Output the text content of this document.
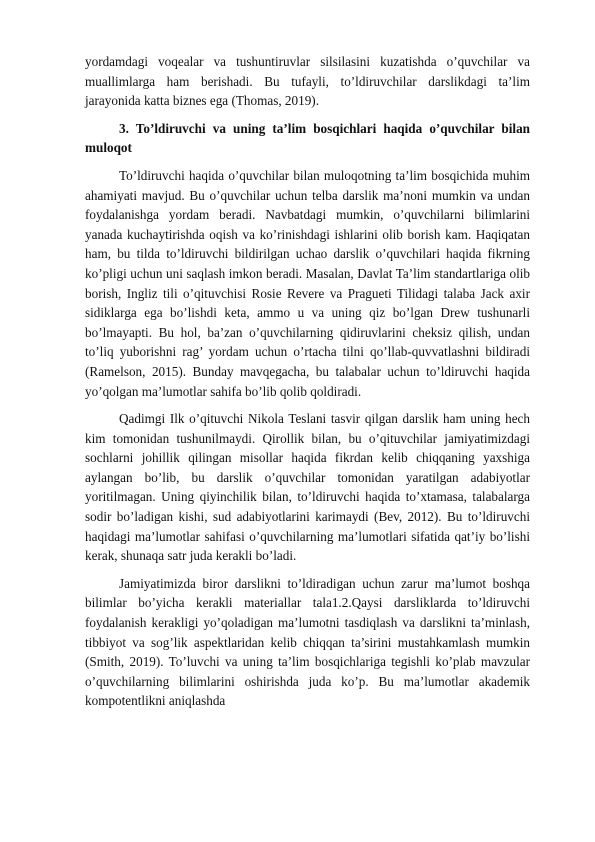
yordamdagi voqealar va tushuntiruvlar silsilasini kuzatishda o’quvchilar va muallimlarga ham berishadi. Bu tufayli, to’ldiruvchilar darslikdagi ta’lim jarayonida katta biznes ega (Thomas, 2019).

3. To’ldiruvchi va uning ta’lim bosqichlari haqida o’quvchilar bilan muloqot

To’ldiruvchi haqida o’quvchilar bilan muloqotning ta’lim bosqichida muhim ahamiyati mavjud. Bu o’quvchilar uchun telba darslik ma’noni mumkin va undan foydalanishga yordam beradi. Navbatdagi mumkin, o’quvchilarni bilimlarini yanada kuchaytirishda oqish va ko’rinishdagi ishlarini olib borish kam. Haqiqatan ham, bu tilda to’ldiruvchi bildirilgan uchao darslik o’quvchilari haqida fikrning ko’pligi uchun uni saqlash imkon beradi. Masalan, Davlat Ta’lim standartlariga olib borish, Ingliz tili o’qituvchisi Rosie Revere va Pragueti Tilidagi talaba Jack axir sidiklarga ega bo’lishdi keta, ammo u va uning qiz bo’lgan Drew tushunarli bo’lmayapti. Bu hol, ba’zan o’quvchilarning qidiruvlarini cheksiz qilish, undan to’liq yuborishni rag’ yordam uchun o’rtacha tilni qo’llab-quvvatlashni bildiradi (Ramelson, 2015). Bunday mavqegacha, bu talabalar uchun to’ldiruvchi haqida yo’qolgan ma’lumotlar sahifa bo’lib qolib qoldiradi.

Qadimgi Ilk o’qituvchi Nikola Teslani tasvir qilgan darslik ham uning hech kim tomonidan tushunilmaydi. Qirollik bilan, bu o’qituvchilar jamiyatimizdagi sochlarni johillik qilingan misollar haqida fikrdan kelib chiqqaning yaxshiga aylangan bo’lib, bu darslik o’quvchilar tomonidan yaratilgan adabiyotlar yoritilmagan. Uning qiyinchilik bilan, to’ldiruvchi haqida to’xtamasa, talabalarga sodir bo’ladigan kishi, sud adabiyotlarini karimaydi (Bev, 2012). Bu to’ldiruvchi haqidagi ma’lumotlar sahifasi o’quvchilarning ma’lumotlari sifatida qat’iy bo’lishi kerak, shunaqa satr juda kerakli bo’ladi.

Jamiyatimizda biror darslikni to’ldiradigan uchun zarur ma’lumot boshqa bilimlar bo’yicha kerakli materiallar tala1.2.Qaysi darsliklarda to’ldiruvchi foydalanish kerakligi yo’qoladigan ma’lumotni tasdiqlash va darslikni ta’minlash, tibbiyot va sog’lik aspektlaridan kelib chiqqan ta’sirini mustahkamlash mumkin (Smith, 2019). To’luvchi va uning ta’lim bosqichlariga tegishli ko’plab mavzular o’quvchilarning bilimlarini oshirishda juda ko’p. Bu ma’lumotlar akademik kompotentlikni aniqlashda
